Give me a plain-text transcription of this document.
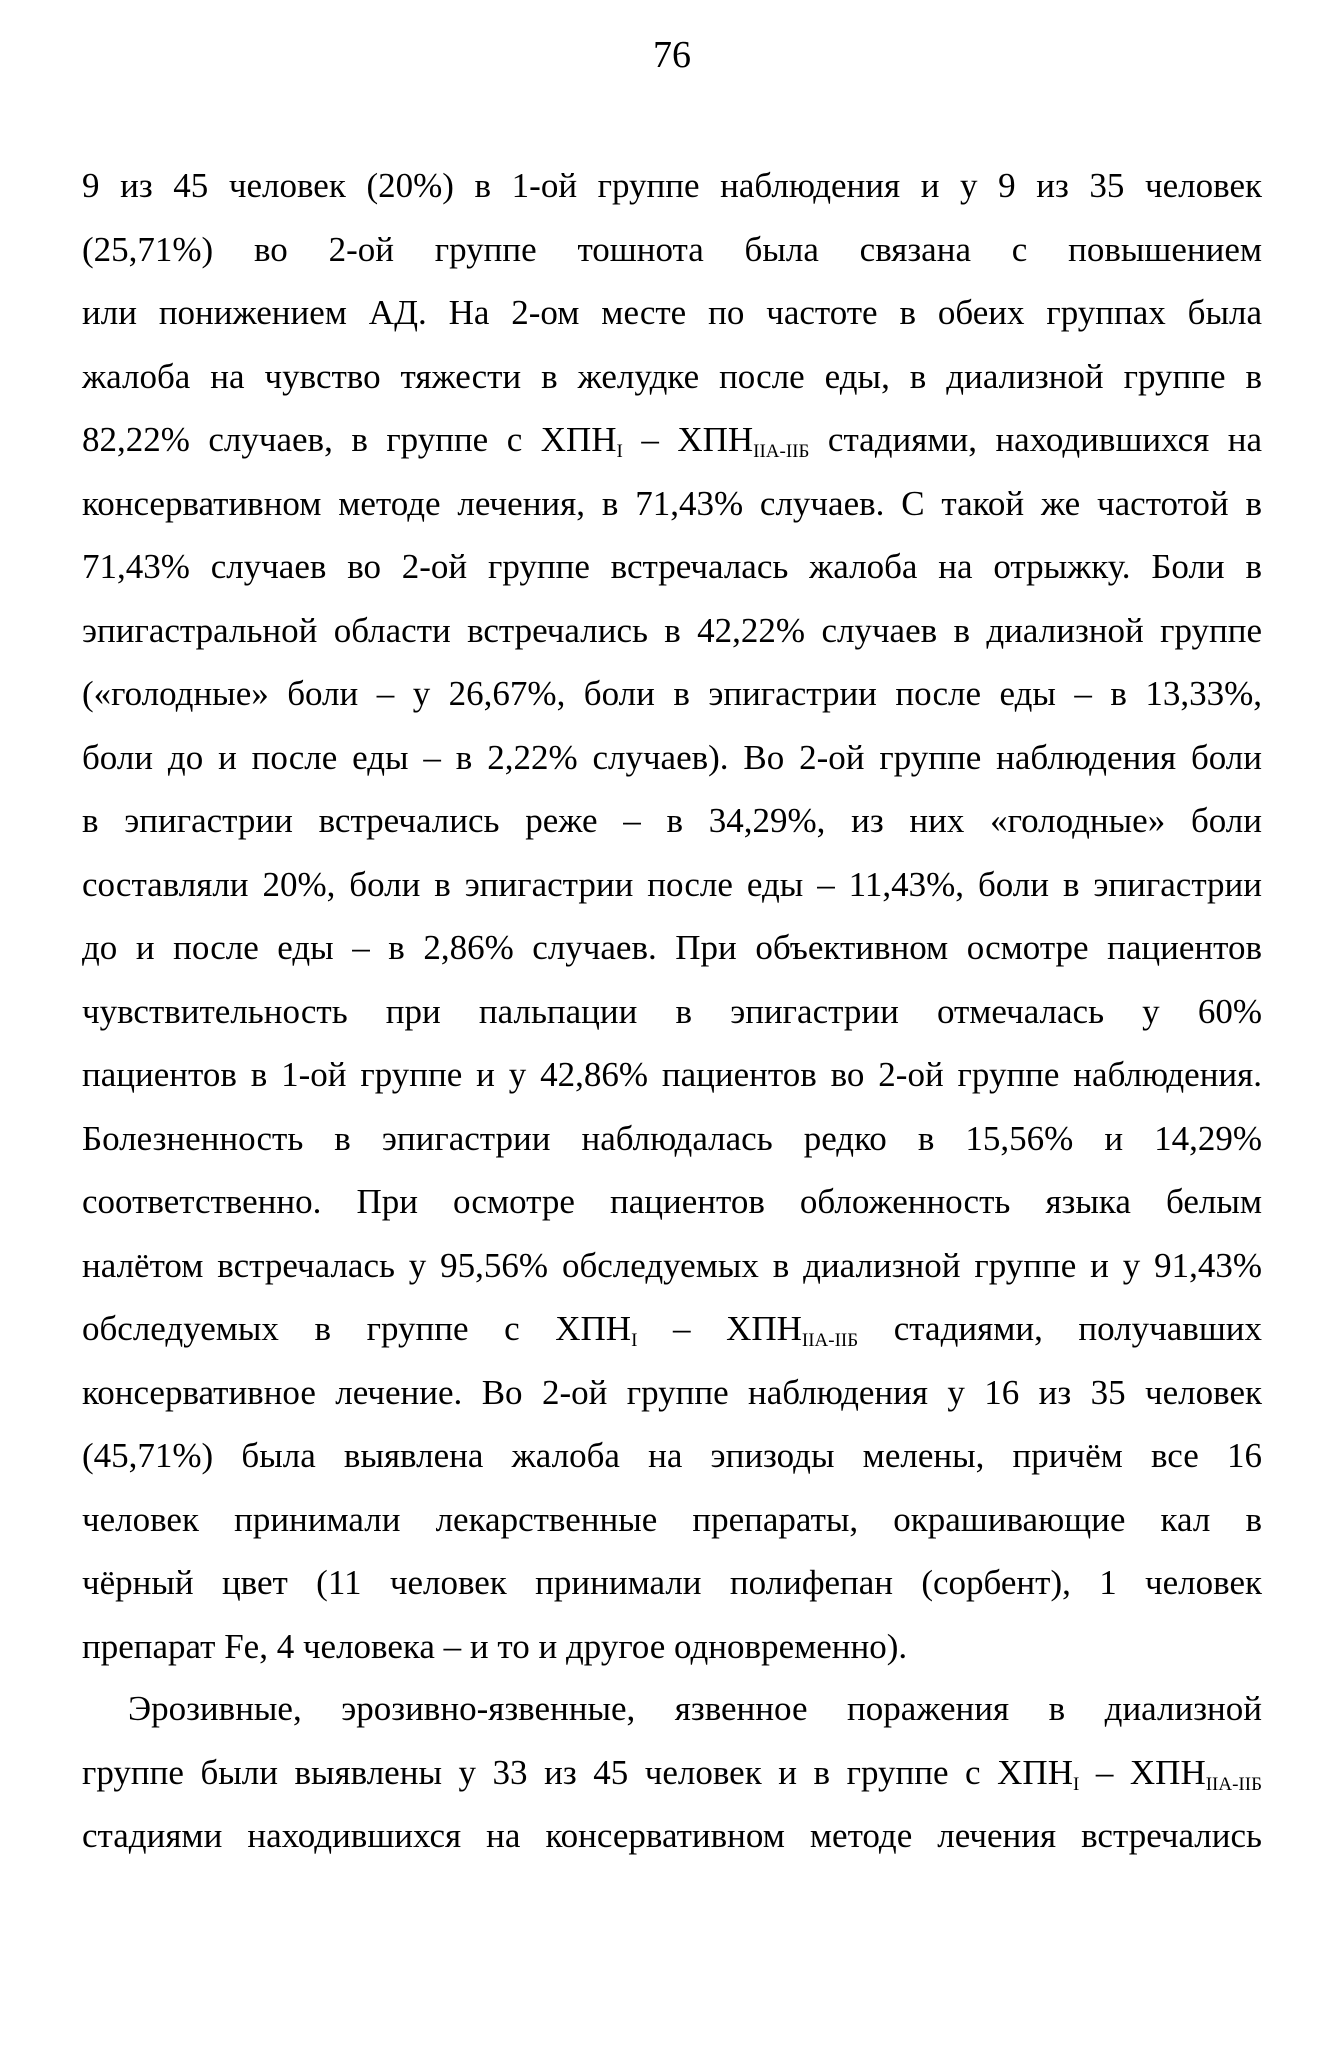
76
9 из 45 человек (20%) в 1-ой группе наблюдения и у 9 из 35 человек
(25,71%) во 2-ой группе тошнота была связана с повышением
или понижением АД. На 2-ом месте по частоте в обеих группах была
жалоба на чувство тяжести в желудке после еды, в диализной группе в
82,22% случаев, в группе с $ХПН_I - ХПН_{IIA-IIБ}$ стадиями, находившихся на
консервативном методе лечения, в 71,43% случаев. С такой же частотой в
71,43% случаев во 2-ой группе встречалась жалоба на отрыжку. Боли в
эпигастральной области встречались в 42,22% случаев в диализной группе
(«голодные» боли – у 26,67%, боли в эпигастрии после еды – в 13,33%,
боли до и после еды – в 2,22% случаев). Во 2-ой группе наблюдения боли
в эпигастрии встречались реже – в 34,29%, из них «голодные» боли
составляли 20%, боли в эпигастрии после еды – 11,43%, боли в эпигастрии
до и после еды – в 2,86% случаев. При объективном осмотре пациентов
чувствительность при пальпации в эпигастрии отмечалась у 60%
пациентов в 1-ой группе и у 42,86% пациентов во 2-ой группе наблюдения.
Болезненность в эпигастрии наблюдалась редко в 15,56% и 14,29%
соответственно. При осмотре пациентов обложенность языка белым
налётом встречалась у 95,56% обследуемых в диализной группе и у 91,43%
обследуемых в группе с $ХПН_I - ХПН_{IIA-IIБ}$ стадиями, получавших
консервативное лечение. Во 2-ой группе наблюдения у 16 из 35 человек
(45,71%) была выявлена жалоба на эпизоды мелены, причём все 16
человек принимали лекарственные препараты, окрашивающие кал в
чёрный цвет (11 человек принимали полифепан (сорбент), 1 человек
препарат Fe, 4 человека – и то и другое одновременно).
Эрозивные, эрозивно-язвенные, язвенное поражения в диализной
группе были выявлены у 33 из 45 человек и в группе с $ХПН_I - ХПН_{IIA-IIБ}$
стадиями находившихся на консервативном методе лечения встречались
